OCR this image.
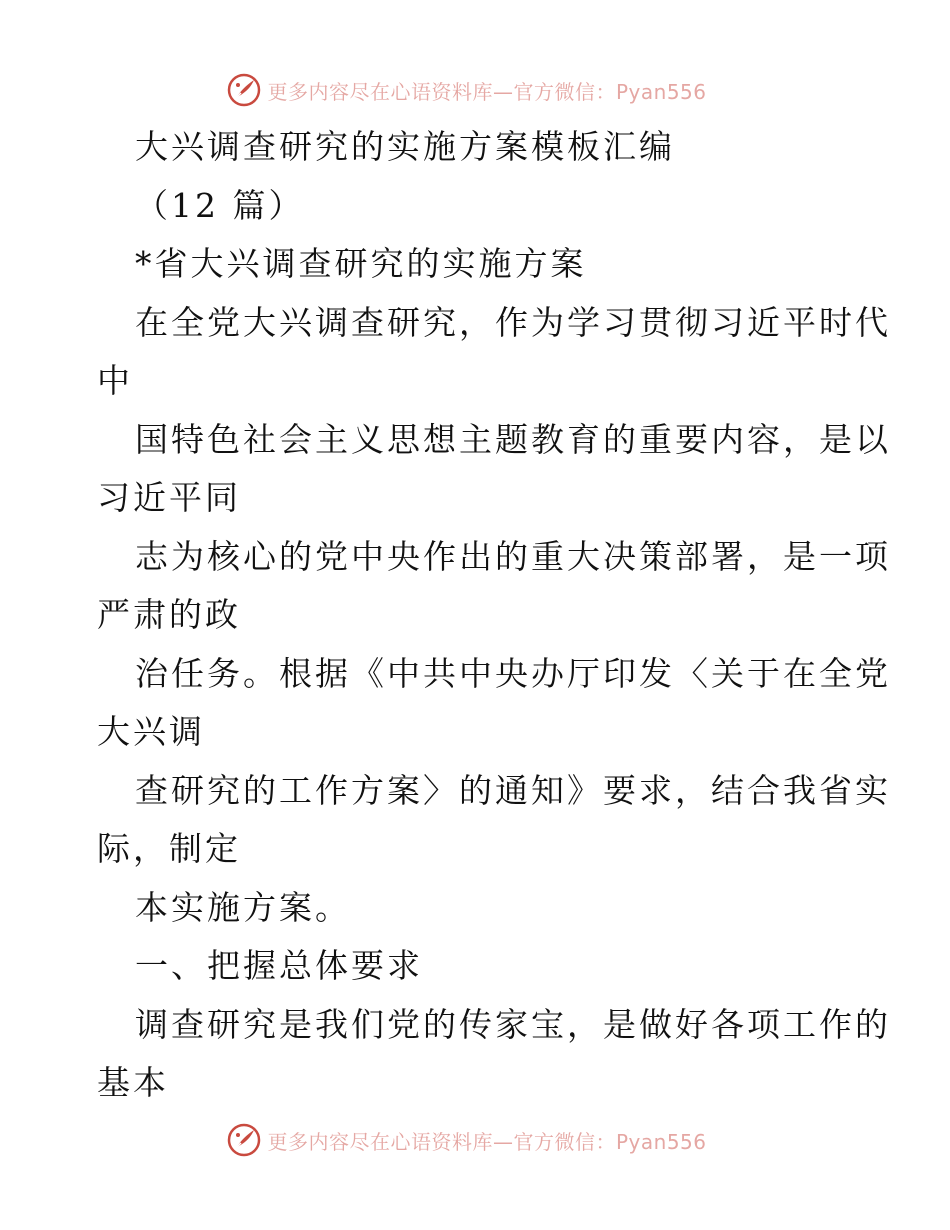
更多内容尽在心语资料库—官方微信：Pyan556
大兴调查研究的实施方案模板汇编
（12 篇）
*省大兴调查研究的实施方案
在全党大兴调查研究，作为学习贯彻习近平时代
中
国特色社会主义思想主题教育的重要内容，是以
习近平同
志为核心的党中央作出的重大决策部署，是一项
严肃的政
治任务。根据《中共中央办厅印发〈关于在全党
大兴调
查研究的工作方案〉的通知》要求，结合我省实
际，制定
本实施方案。
一、把握总体要求
调查研究是我们党的传家宝，是做好各项工作的
基本
更多内容尽在心语资料库—官方微信：Pyan556
